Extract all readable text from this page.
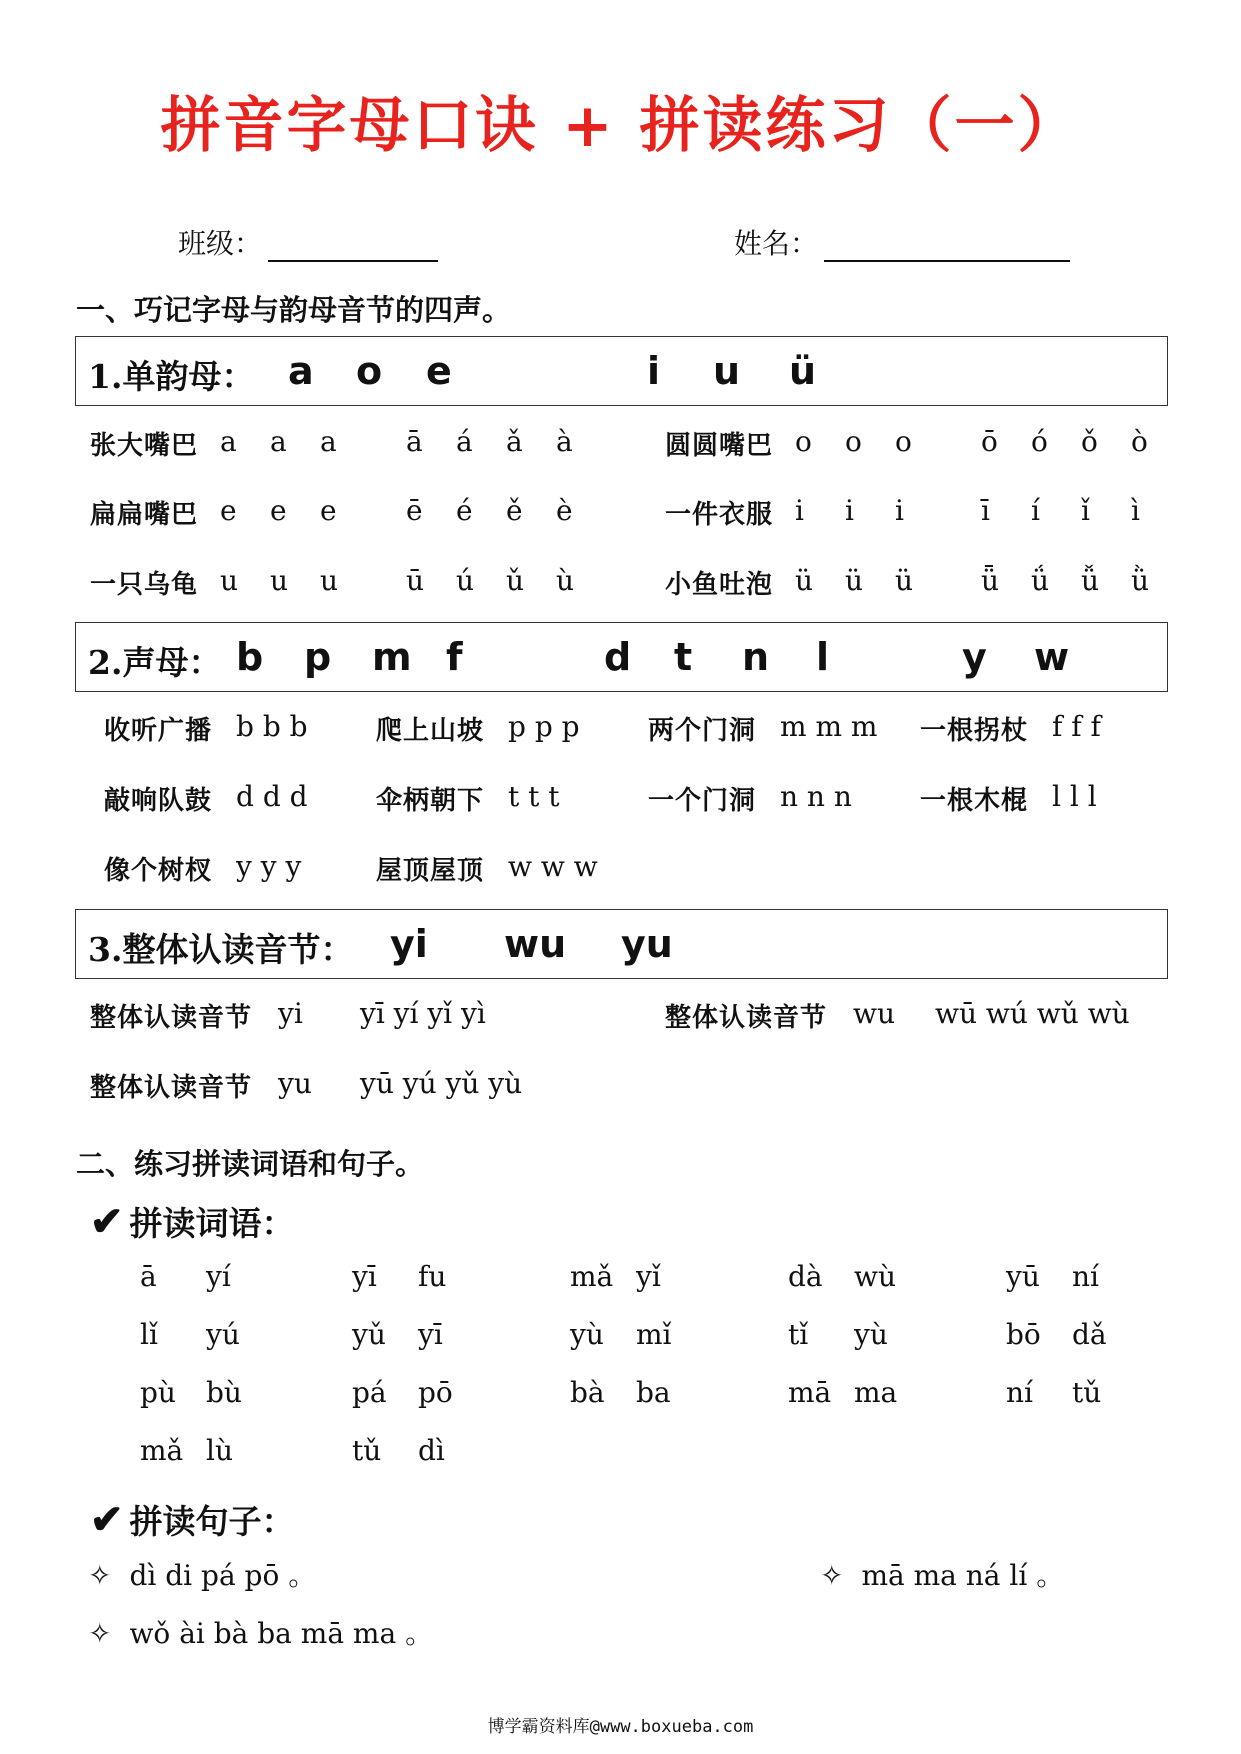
拼音字母口诀 + 拼读练习（一）
班级：	姓名：
一、巧记字母与韵母音节的四声。
1.单韵母： a o e	i u ü
张大嘴巴 a a a ā á ǎ à	圆圆嘴巴 o o o ō ó ǒ ò
扁扁嘴巴 e e e ē é ě è	一件衣服 i i i	ī í ǐ ì
一只乌龟 u u u ū ú ǔ ù	小鱼吐泡 ü ü ü ǖ ǘ ǚ ǜ
2.声母： b p m f	d t n l	y w
收听广播 b b b	爬上山坡 p p p	两个门洞 m m m 一根拐杖 f f f
敲响队鼓 d d d	伞柄朝下 t t t	一个门洞 n n n	一根木棍 l l l
像个树杈 y y y	屋顶屋顶 w w w
3.整体认读音节： yi wu yu
整体认读音节 yi yī yí yǐ yì	整体认读音节 wu wū wú wǔ wù
整体认读音节 yu yū yú yǔ yù
二、练习拼读词语和句子。
✔ 拼读词语：
ā yí	yī fu	mǎ yǐ	dà wù	yū ní
lǐ yú	yǔ yī	yù mǐ	tǐ yù	bō dǎ
pù bù	pá pō	bà ba	mā ma	ní tǔ
mǎ lù	tǔ dì
✔ 拼读句子：
✧ dì di pá pō 。	✧ mā ma ná lí 。
✧ wǒ ài bà ba mā ma 。
博学霸资料库@www.boxueba.com
